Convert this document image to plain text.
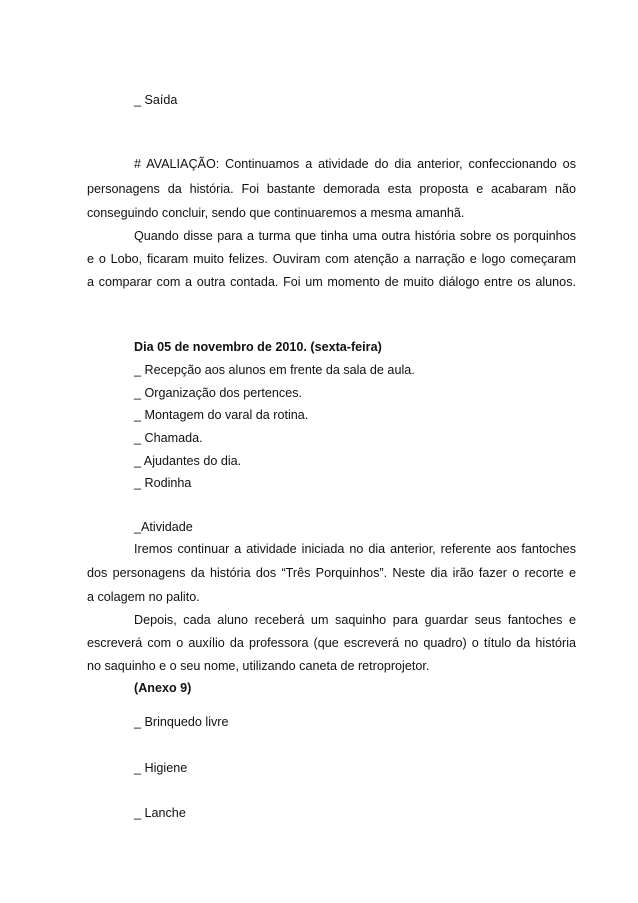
_ Saída
# AVALIAÇÃO: Continuamos a atividade do dia anterior, confeccionando os
personagens da história. Foi bastante demorada esta proposta e acabaram não
conseguindo concluir, sendo que continuaremos a mesma amanhã.
Quando disse para a turma que tinha uma outra história sobre os porquinhos
e o Lobo, ficaram muito felizes. Ouviram com atenção a narração e logo começaram
a comparar com a outra contada. Foi um momento de muito diálogo entre os alunos.
Dia 05 de novembro de 2010. (sexta-feira)
_ Recepção aos alunos em frente da sala de aula.
_ Organização dos pertences.
_ Montagem do varal da rotina.
_ Chamada.
_ Ajudantes do dia.
_ Rodinha
_Atividade
Iremos continuar a atividade iniciada no dia anterior, referente aos fantoches
dos personagens da história dos “Três Porquinhos”. Neste dia irão fazer o recorte e
a colagem no palito.
Depois, cada aluno receberá um saquinho para guardar seus fantoches e
escreverá com o auxílio da professora (que escreverá no quadro) o título da história
no saquinho e o seu nome, utilizando caneta de retroprojetor.
(Anexo 9)
_ Brinquedo livre
_ Higiene
_ Lanche
